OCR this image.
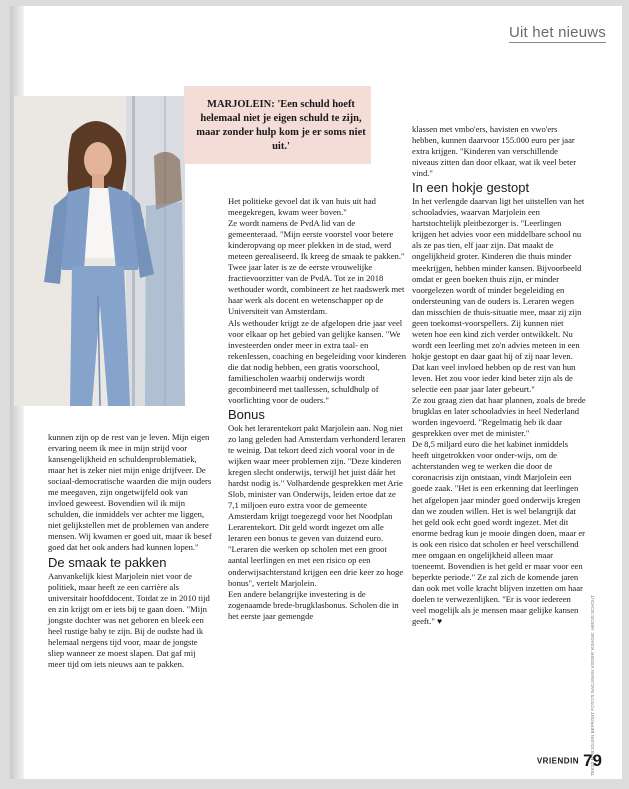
Uit het nieuws
MARJOLEIN: 'Een schuld hoeft helemaal niet je eigen schuld te zijn, maar zonder hulp kom je er soms niet uit.'

kunnen zijn op de rest van je leven. Mijn eigen ervaring neem ik mee in mijn strijd voor kansengelijkheid en schuldenproblematiek, maar het is zeker niet mijn enige drijfveer. De sociaal-democratische waarden die mijn ouders me meegaven, zijn ongetwijfeld ook van invloed geweest. Bovendien wil ik mijn schulden, die inmiddels ver achter me liggen, niet gelijkstellen met de problemen van andere mensen. Wij kwamen er goed uit, maar ik besef goed dat het ook anders had kunnen lopen."

De smaak te pakken

Aanvankelijk kiest Marjolein niet voor de politiek, maar heeft ze een carrière als universitair hoofddocent. Totdat ze in 2010 tijd en zin krijgt om er iets bij te gaan doen. "Mijn jongste dochter was net geboren en bleek een heel rustige baby te zijn. Bij de oudste had ik helemaal nergens tijd voor, maar de jongste sliep wanneer ze moest slapen. Dat gaf mij meer tijd om iets nieuws aan te pakken.

Het politieke gevoel dat ik van huis uit had meegekregen, kwam weer boven."

Ze wordt namens de PvdA lid van de gemeenteraad. "Mijn eerste voorstel voor betere kinderopvang op meer plekken in de stad, werd meteen gerealiseerd. Ik kreeg de smaak te pakken."

Twee jaar later is ze de eerste vrouwelijke fractievoorzitter van de PvdA. Tot ze in 2018 wethouder wordt, combineert ze het raadswerk met haar werk als docent en wetenschapper op de Universiteit van Amsterdam.

Als wethouder krijgt ze de afgelopen drie jaar veel voor elkaar op het gebied van gelijke kansen. "We investeerden onder meer in extra taal- en rekenlessen, coaching en begeleiding voor kinderen die dat nodig hebben, een gratis voorschool, familiescholen waarbij onderwijs wordt gecombineerd met taallessen, schuldhulp of voorlichting voor de ouders."

Bonus

Ook het lerarentekort pakt Marjolein aan. Nog niet zo lang geleden had Amsterdam verhonderd leraren te weinig. Dat tekort deed zich vooral voor in de wijken waar meer problemen zijn. "Deze kinderen kregen slecht onderwijs, terwijl het juist dáár het hardst nodig is." Volhardende gesprekken met Arie Slob, minister van Onderwijs, leiden ertoe dat ze 7,1 miljoen euro extra voor de gemeente Amsterdam krijgt toegezegd voor het Noodplan Lerarentekort. Dit geld wordt ingezet om alle leraren een bonus te geven van duizend euro. "Leraren die werken op scholen met een groot aantal leerlingen en met een risico op een onderwijsachterstand krijgen een drie keer zo hoge bonus", vertelt Marjolein.

Een andere belangrijke investering is de zogenaamde brede-brugklasbonus. Scholen die in het eerste jaar gemengde

klassen met vmbo'ers, havisten en vwo'ers hebben, kunnen daarvoor 155.000 euro per jaar extra krijgen. "Kinderen van verschillende niveaus zitten dan door elkaar, wat ik veel beter vind."

In een hokje gestopt

In het verlengde daarvan ligt het uitstellen van het schooladvies, waarvan Marjolein een hartstochtelijk pleitbezorger is. "Leerlingen krijgen het advies voor een middelbare school nu als ze pas tien, elf jaar zijn. Dat maakt de ongelijkheid groter. Kinderen die thuis minder meekrijgen, hebben minder kansen. Bijvoorbeeld omdat er geen boeken thuis zijn, er minder voorgelezen wordt of minder begeleiding en ondersteuning van de ouders is. Leraren wegen dan misschien de thuis-situatie mee, maar zij zijn geen toekomst-voorspellers. Zij kunnen niet weten hoe een kind zich verder ontwikkelt. Nu wordt een leerling met zo'n advies meteen in een hokje gestopt en daar gaat hij of zij naar leven. Dat kan veel invloed hebben op de rest van hun leven. Het zou voor ieder kind beter zijn als de selectie een paar jaar later gebeurt."

Ze zou graag zien dat haar plannen, zoals de brede brugklas en later schooladvies in heel Nederland worden ingevoerd. "Regelmatig heb ik daar gesprekken over met de minister."

De 8,5 miljard euro die het kabinet inmiddels heeft uitgetrokken voor onder-wijs, om de achterstanden weg te werken die door de coronacrisis zijn ontstaan, vindt Marjolein een goede zaak. "Het is een erkenning dat leerlingen het afgelopen jaar minder goed onderwijs kregen dan we zouden willen. Het is wel belangrijk dat het geld ook echt goed wordt ingezet. Met dit enorme bedrag kun je mooie dingen doen, maar er is ook een risico dat scholen er heel verschillend mee omgaan en ongelijkheid alleen maar toeneemt. Bovendien is het geld er maar voor een beperkte periode." Ze zal zich de komende jaren dan ook met volle kracht blijven inzetten om haar doelen te verwezenlijken. "Er is voor iedereen veel mogelijk als je mensen maar gelijke kansen geeft." ♥	TEKST MARJOLEIN BEFRONT FOTO'S NADJAVAN VISSER VISAGIE: HEIDIS SCHOUT
VRIENDIN 79
